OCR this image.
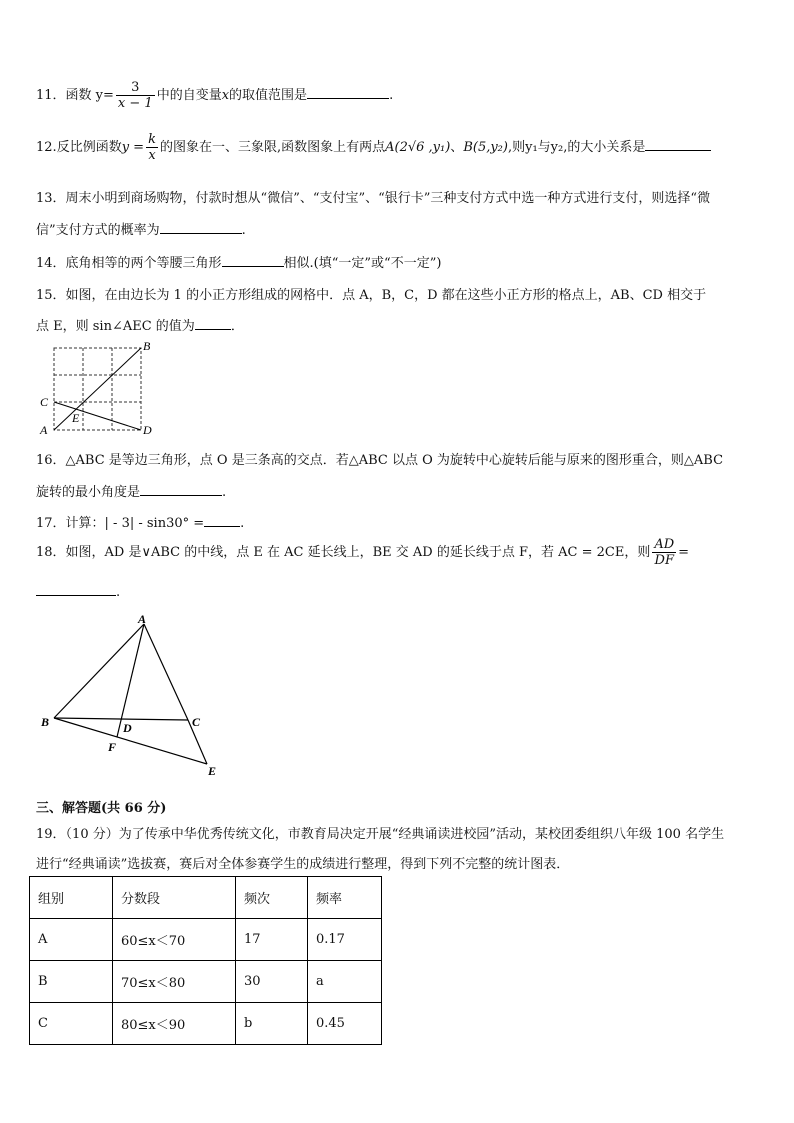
11．函数 $y= \frac{3}{x - 1}$ 中的自变量x的取值范围是	.
12.反比例函数$y = \frac{k}{x}$ 的图象在一、三象限,函数图象上有两点A(2√6 ,y₁)、B(5,y₂),则y₁与y₂,的大小关系是
13．周末小明到商场购物，付款时想从“微信”、“支付宝”、“银行卡”三种支付方式中选一种方式进行支付，则选择“微
信”支付方式的概率为	.
14．底角相等的两个等腰三角形	相似.(填“一定”或“不一定”)
15．如图，在由边长为 1 的小正方形组成的网格中．点 A，B，C，D 都在这些小正方形的格点上，AB、CD 相交于
点 E，则 sin∠AEC 的值为	．
A
B
C
D
E
16．△ABC 是等边三角形，点 O 是三条高的交点．若△ABC 以点 O 为旋转中心旋转后能与原来的图形重合，则△ABC
旋转的最小角度是	.
17．计算：| - 3| - sin30° =	.
18．如图，AD 是∨ABC 的中线，点 E 在 AC 延长线上，BE 交 AD 的延长线于点 F，若 AC = 2CE，则 $\frac{AD}{DF}$ =
.
A
B	C
D
F
E
三、解答题(共 66 分)
19．（10 分）为了传承中华优秀传统文化，市教育局决定开展“经典诵读进校园”活动，某校团委组织八年级 100 名学生
进行“经典诵读”选拔赛，赛后对全体参赛学生的成绩进行整理，得到下列不完整的统计图表．
组别	分数段	频次	频率
A	60≤x＜70	17	0.17
B	70≤x＜80	30	a
C	80≤x＜90	b	0.45
